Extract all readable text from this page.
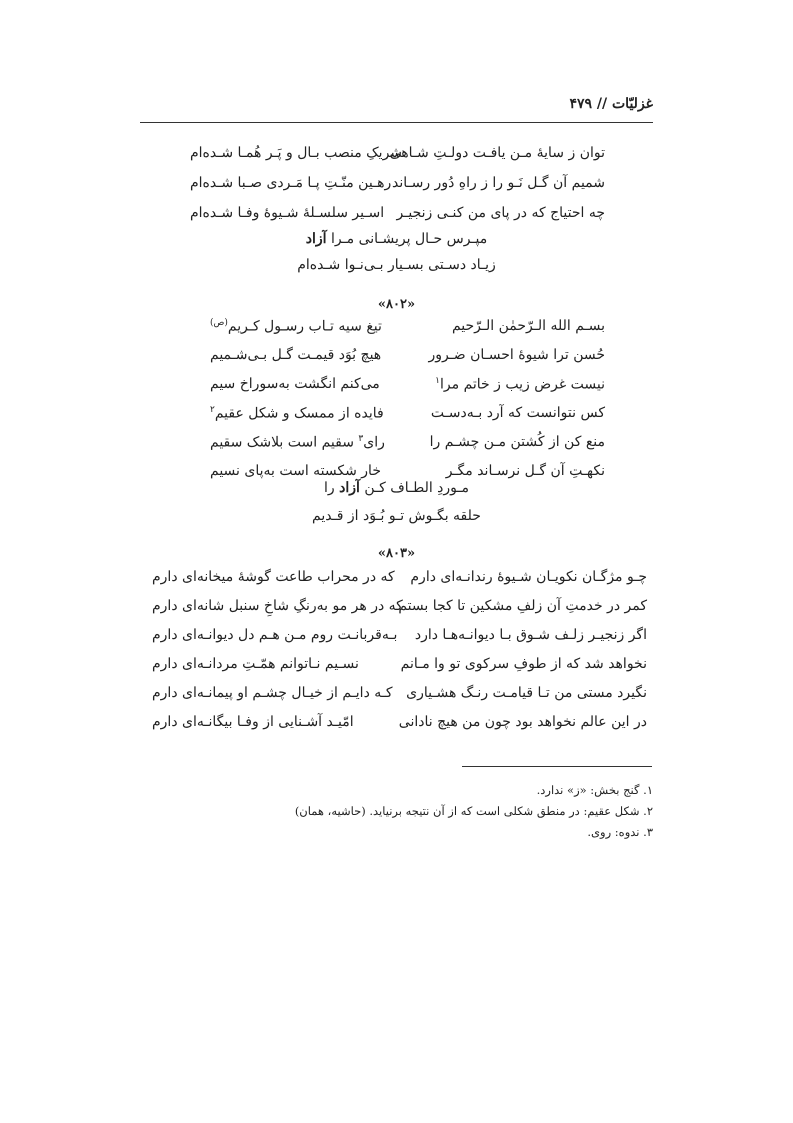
غزلیّات // ۴۷۹
توان ز سایهٔ مـن یافـت دولـتِ شـاهی
شریکِ منصب بـال و پَـر هُمـا شـده‌ام
شمیم آن گـل نَـو را ز راهِ دُور رسـاند
رهـین منّـتِ پـا مَـردی صـبا شـده‌ام
چه احتیاج که در پای من کنـی زنجیـر
اسـیر سلسـلهٔ شـیوهٔ وفـا شـده‌ام
مپـرس حـال پریشـانی مـرا آزاد
زیـاد دسـتی بسـیار بـی‌نـوا شـده‌ام
«۸۰۲»
بسـم الله الـرّحمٰن الـرّحیم
تیغ سیه تـاب رسـول کـریم$^{(ص)}$
حُسن ترا شیوهٔ احسـان ضـرور
هیچ بُوَد قیمـت گـل بـی‌شـمیم
نیست غرض زیب ز خاتم مرا$^۱$
می‌کنم انگشت به‌سوراخ سیم
کس نتوانست که آرد بـه‌دسـت
فایده از ممسک و شکل عقیم$^۲$
منع کن از کُشتن مـن چشـم را
رای$^۳$ سقیم است بلاشک سقیم
نکهـتِ آن گـل نرسـاند مگـر
خار شکسته است به‌پای نسیم
مـوردِ الطـاف کـن آزاد را
حلقه بگـوش تـو بُـوَد از قـدیم
«۸۰۳»
چـو مژگـان نکویـان شـیوهٔ رندانـه‌ای دارم
که در محراب طاعت گوشهٔ میخانه‌ای دارم
کمر در خدمتِ آن زلفِ مشکین تا کجا بستم
که در هر مو به‌رنگِ شاخِ سنبل شانه‌ای دارم
اگر زنجیـر زلـف شـوق بـا دیوانـه‌هـا دارد
بـه‌قربانـت روم مـن هـم دل دیوانـه‌ای دارم
نخواهد شد که از طوفِ سرکوی تو وا مـانم
نسـیم نـاتوانم همّـتِ مردانـه‌ای دارم
نگیرد مستی من تـا قیامـت رنـگ هشـیاری
کـه دایـم از خیـال چشـم او پیمانـه‌ای دارم
در این عالم نخواهد بود چون من هیچ نادانی
امّیـد آشـنایی از وفـا بیگانـه‌ای دارم
۱. گنج بخش: «ز» ندارد.
۲. شکل عقیم: در منطق شکلی است که از آن نتیجه برنیاید. (حاشیه، همان)
۳. ندوه: روی.
